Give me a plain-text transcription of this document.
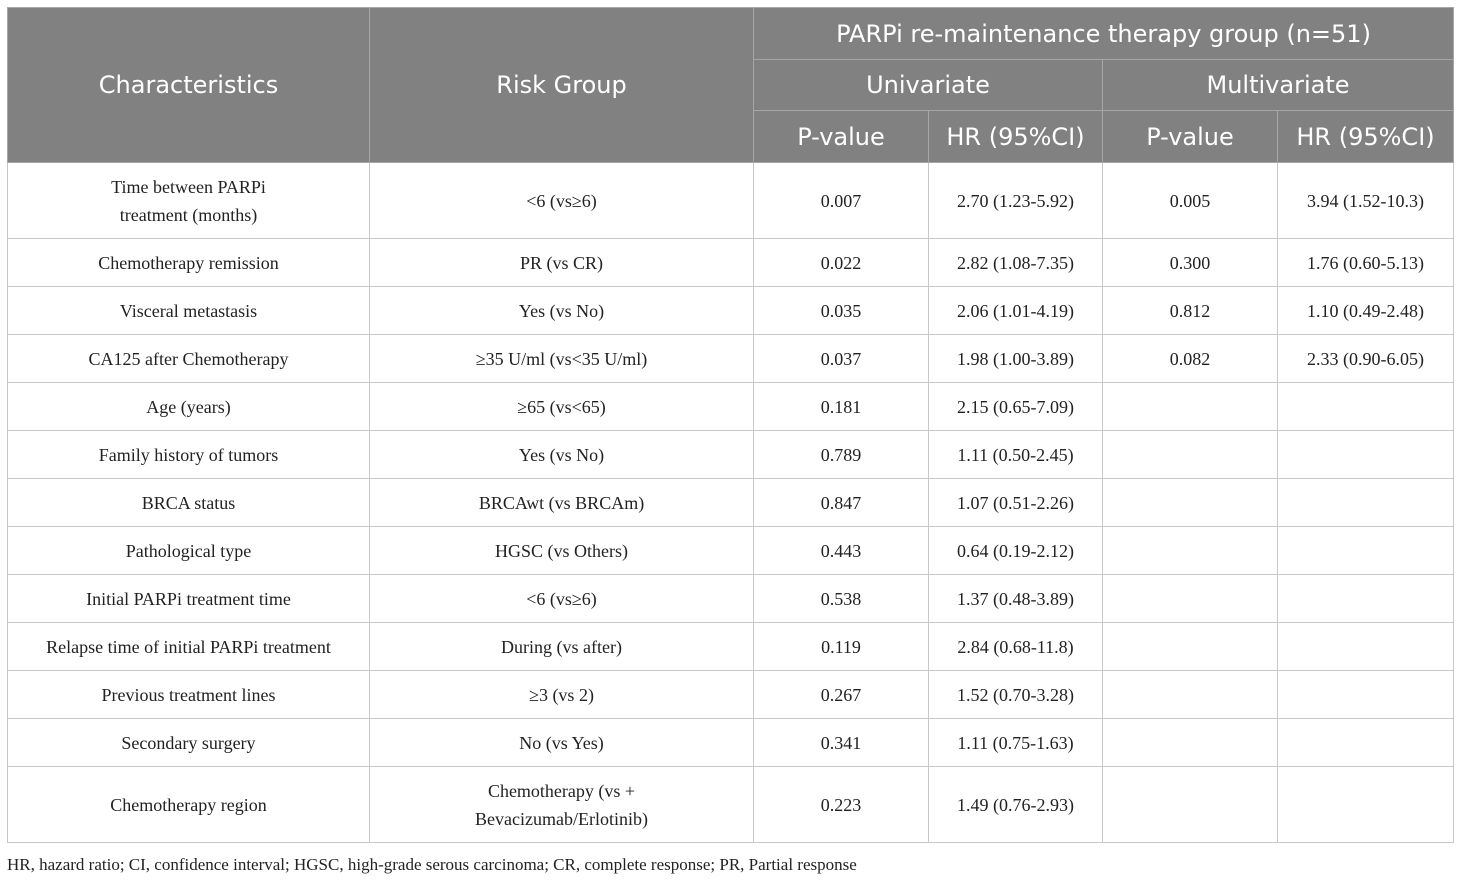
Characteristics	Risk Group	PARPi re-maintenance therapy group (n=51)			
		Univariate		Multivariate	
		P-value	HR (95%CI)	P-value	HR (95%CI)
Time between PARPi treatment (months)	<6 (vs≥6)	0.007	2.70 (1.23-5.92)	0.005	3.94 (1.52-10.3)
Chemotherapy remission	PR (vs CR)	0.022	2.82 (1.08-7.35)	0.300	1.76 (0.60-5.13)
Visceral metastasis	Yes (vs No)	0.035	2.06 (1.01-4.19)	0.812	1.10 (0.49-2.48)
CA125 after Chemotherapy	≥35 U/ml (vs<35 U/ml)	0.037	1.98 (1.00-3.89)	0.082	2.33 (0.90-6.05)
Age (years)	≥65 (vs<65)	0.181	2.15 (0.65-7.09)		
Family history of tumors	Yes (vs No)	0.789	1.11 (0.50-2.45)		
BRCA status	BRCAwt (vs BRCAm)	0.847	1.07 (0.51-2.26)		
Pathological type	HGSC (vs Others)	0.443	0.64 (0.19-2.12)		
Initial PARPi treatment time	<6 (vs≥6)	0.538	1.37 (0.48-3.89)		
Relapse time of initial PARPi treatment	During (vs after)	0.119	2.84 (0.68-11.8)		
Previous treatment lines	≥3 (vs 2)	0.267	1.52 (0.70-3.28)		
Secondary surgery	No (vs Yes)	0.341	1.11 (0.75-1.63)		
Chemotherapy region	Chemotherapy (vs + Bevacizumab/Erlotinib)	0.223	1.49 (0.76-2.93)		
HR, hazard ratio; CI, confidence interval; HGSC, high-grade serous carcinoma; CR, complete response; PR, Partial response
